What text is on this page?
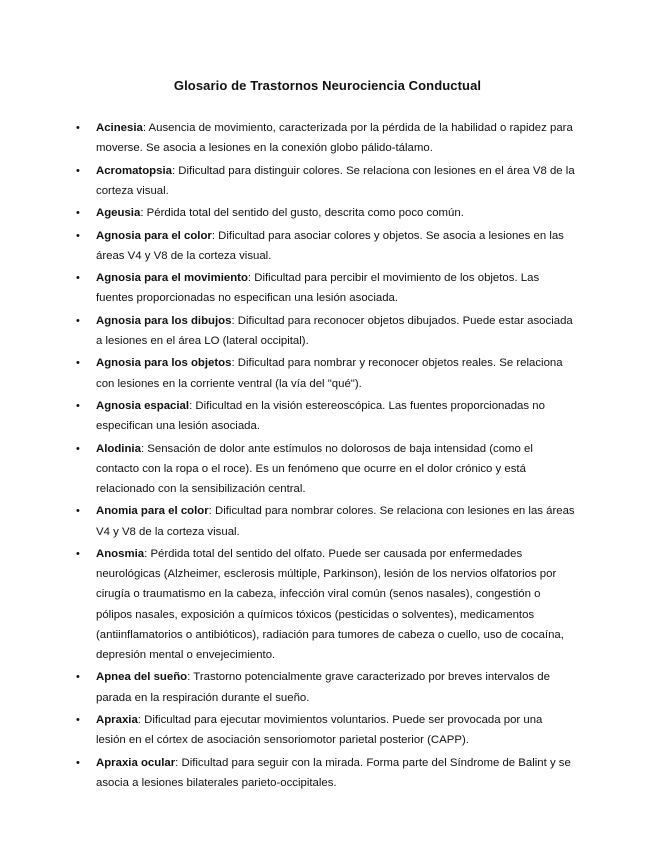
Glosario de Trastornos Neurociencia Conductual
•	Acinesia: Ausencia de movimiento, caracterizada por la pérdida de la habilidad o rapidez para moverse. Se asocia a lesiones en la conexión globo pálido-tálamo.
•	Acromatopsia: Dificultad para distinguir colores. Se relaciona con lesiones en el área V8 de la corteza visual.
•	Ageusia: Pérdida total del sentido del gusto, descrita como poco común.
•	Agnosia para el color: Dificultad para asociar colores y objetos. Se asocia a lesiones en las áreas V4 y V8 de la corteza visual.
•	Agnosia para el movimiento: Dificultad para percibir el movimiento de los objetos. Las fuentes proporcionadas no especifican una lesión asociada.
•	Agnosia para los dibujos: Dificultad para reconocer objetos dibujados. Puede estar asociada a lesiones en el área LO (lateral occipital).
•	Agnosia para los objetos: Dificultad para nombrar y reconocer objetos reales. Se relaciona con lesiones en la corriente ventral (la vía del "qué").
•	Agnosia espacial: Dificultad en la visión estereoscópica. Las fuentes proporcionadas no especifican una lesión asociada.
•	Alodinia: Sensación de dolor ante estímulos no dolorosos de baja intensidad (como el contacto con la ropa o el roce). Es un fenómeno que ocurre en el dolor crónico y está relacionado con la sensibilización central.
•	Anomia para el color: Dificultad para nombrar colores. Se relaciona con lesiones en las áreas V4 y V8 de la corteza visual.
•	Anosmia: Pérdida total del sentido del olfato. Puede ser causada por enfermedades neurológicas (Alzheimer, esclerosis múltiple, Parkinson), lesión de los nervios olfatorios por cirugía o traumatismo en la cabeza, infección viral común (senos nasales), congestión o pólipos nasales, exposición a químicos tóxicos (pesticidas o solventes), medicamentos (antiinflamatorios o antibióticos), radiación para tumores de cabeza o cuello, uso de cocaína, depresión mental o envejecimiento.
•	Apnea del sueño: Trastorno potencialmente grave caracterizado por breves intervalos de parada en la respiración durante el sueño.
•	Apraxia: Dificultad para ejecutar movimientos voluntarios. Puede ser provocada por una lesión en el córtex de asociación sensoriomotor parietal posterior (CAPP).
•	Apraxia ocular: Dificultad para seguir con la mirada. Forma parte del Síndrome de Balint y se asocia a lesiones bilaterales parieto-occipitales.
